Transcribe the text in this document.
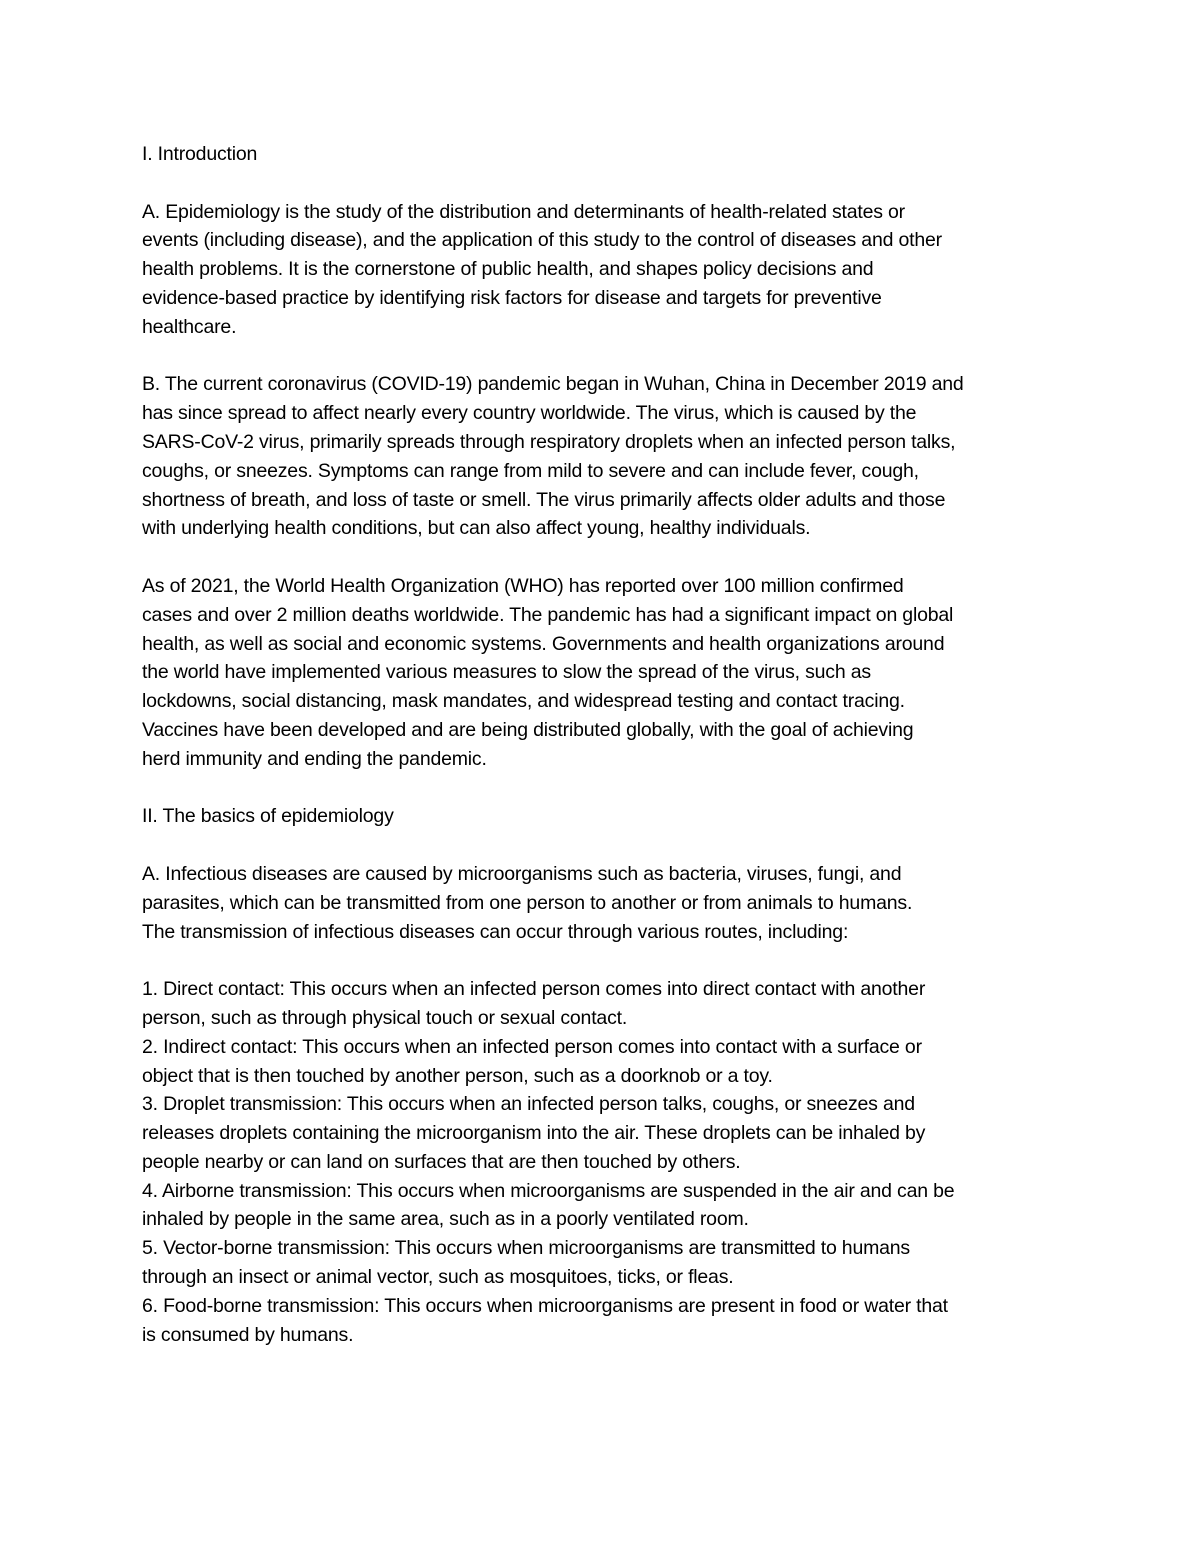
I. Introduction
A. Epidemiology is the study of the distribution and determinants of health-related states or
events (including disease), and the application of this study to the control of diseases and other
health problems. It is the cornerstone of public health, and shapes policy decisions and
evidence-based practice by identifying risk factors for disease and targets for preventive
healthcare.
B. The current coronavirus (COVID-19) pandemic began in Wuhan, China in December 2019 and
has since spread to affect nearly every country worldwide. The virus, which is caused by the
SARS-CoV-2 virus, primarily spreads through respiratory droplets when an infected person talks,
coughs, or sneezes. Symptoms can range from mild to severe and can include fever, cough,
shortness of breath, and loss of taste or smell. The virus primarily affects older adults and those
with underlying health conditions, but can also affect young, healthy individuals.
As of 2021, the World Health Organization (WHO) has reported over 100 million confirmed
cases and over 2 million deaths worldwide. The pandemic has had a significant impact on global
health, as well as social and economic systems. Governments and health organizations around
the world have implemented various measures to slow the spread of the virus, such as
lockdowns, social distancing, mask mandates, and widespread testing and contact tracing.
Vaccines have been developed and are being distributed globally, with the goal of achieving
herd immunity and ending the pandemic.
II. The basics of epidemiology
A. Infectious diseases are caused by microorganisms such as bacteria, viruses, fungi, and
parasites, which can be transmitted from one person to another or from animals to humans.
The transmission of infectious diseases can occur through various routes, including:
1. Direct contact: This occurs when an infected person comes into direct contact with another
person, such as through physical touch or sexual contact.
2. Indirect contact: This occurs when an infected person comes into contact with a surface or
object that is then touched by another person, such as a doorknob or a toy.
3. Droplet transmission: This occurs when an infected person talks, coughs, or sneezes and
releases droplets containing the microorganism into the air. These droplets can be inhaled by
people nearby or can land on surfaces that are then touched by others.
4. Airborne transmission: This occurs when microorganisms are suspended in the air and can be
inhaled by people in the same area, such as in a poorly ventilated room.
5. Vector-borne transmission: This occurs when microorganisms are transmitted to humans
through an insect or animal vector, such as mosquitoes, ticks, or fleas.
6. Food-borne transmission: This occurs when microorganisms are present in food or water that
is consumed by humans.
